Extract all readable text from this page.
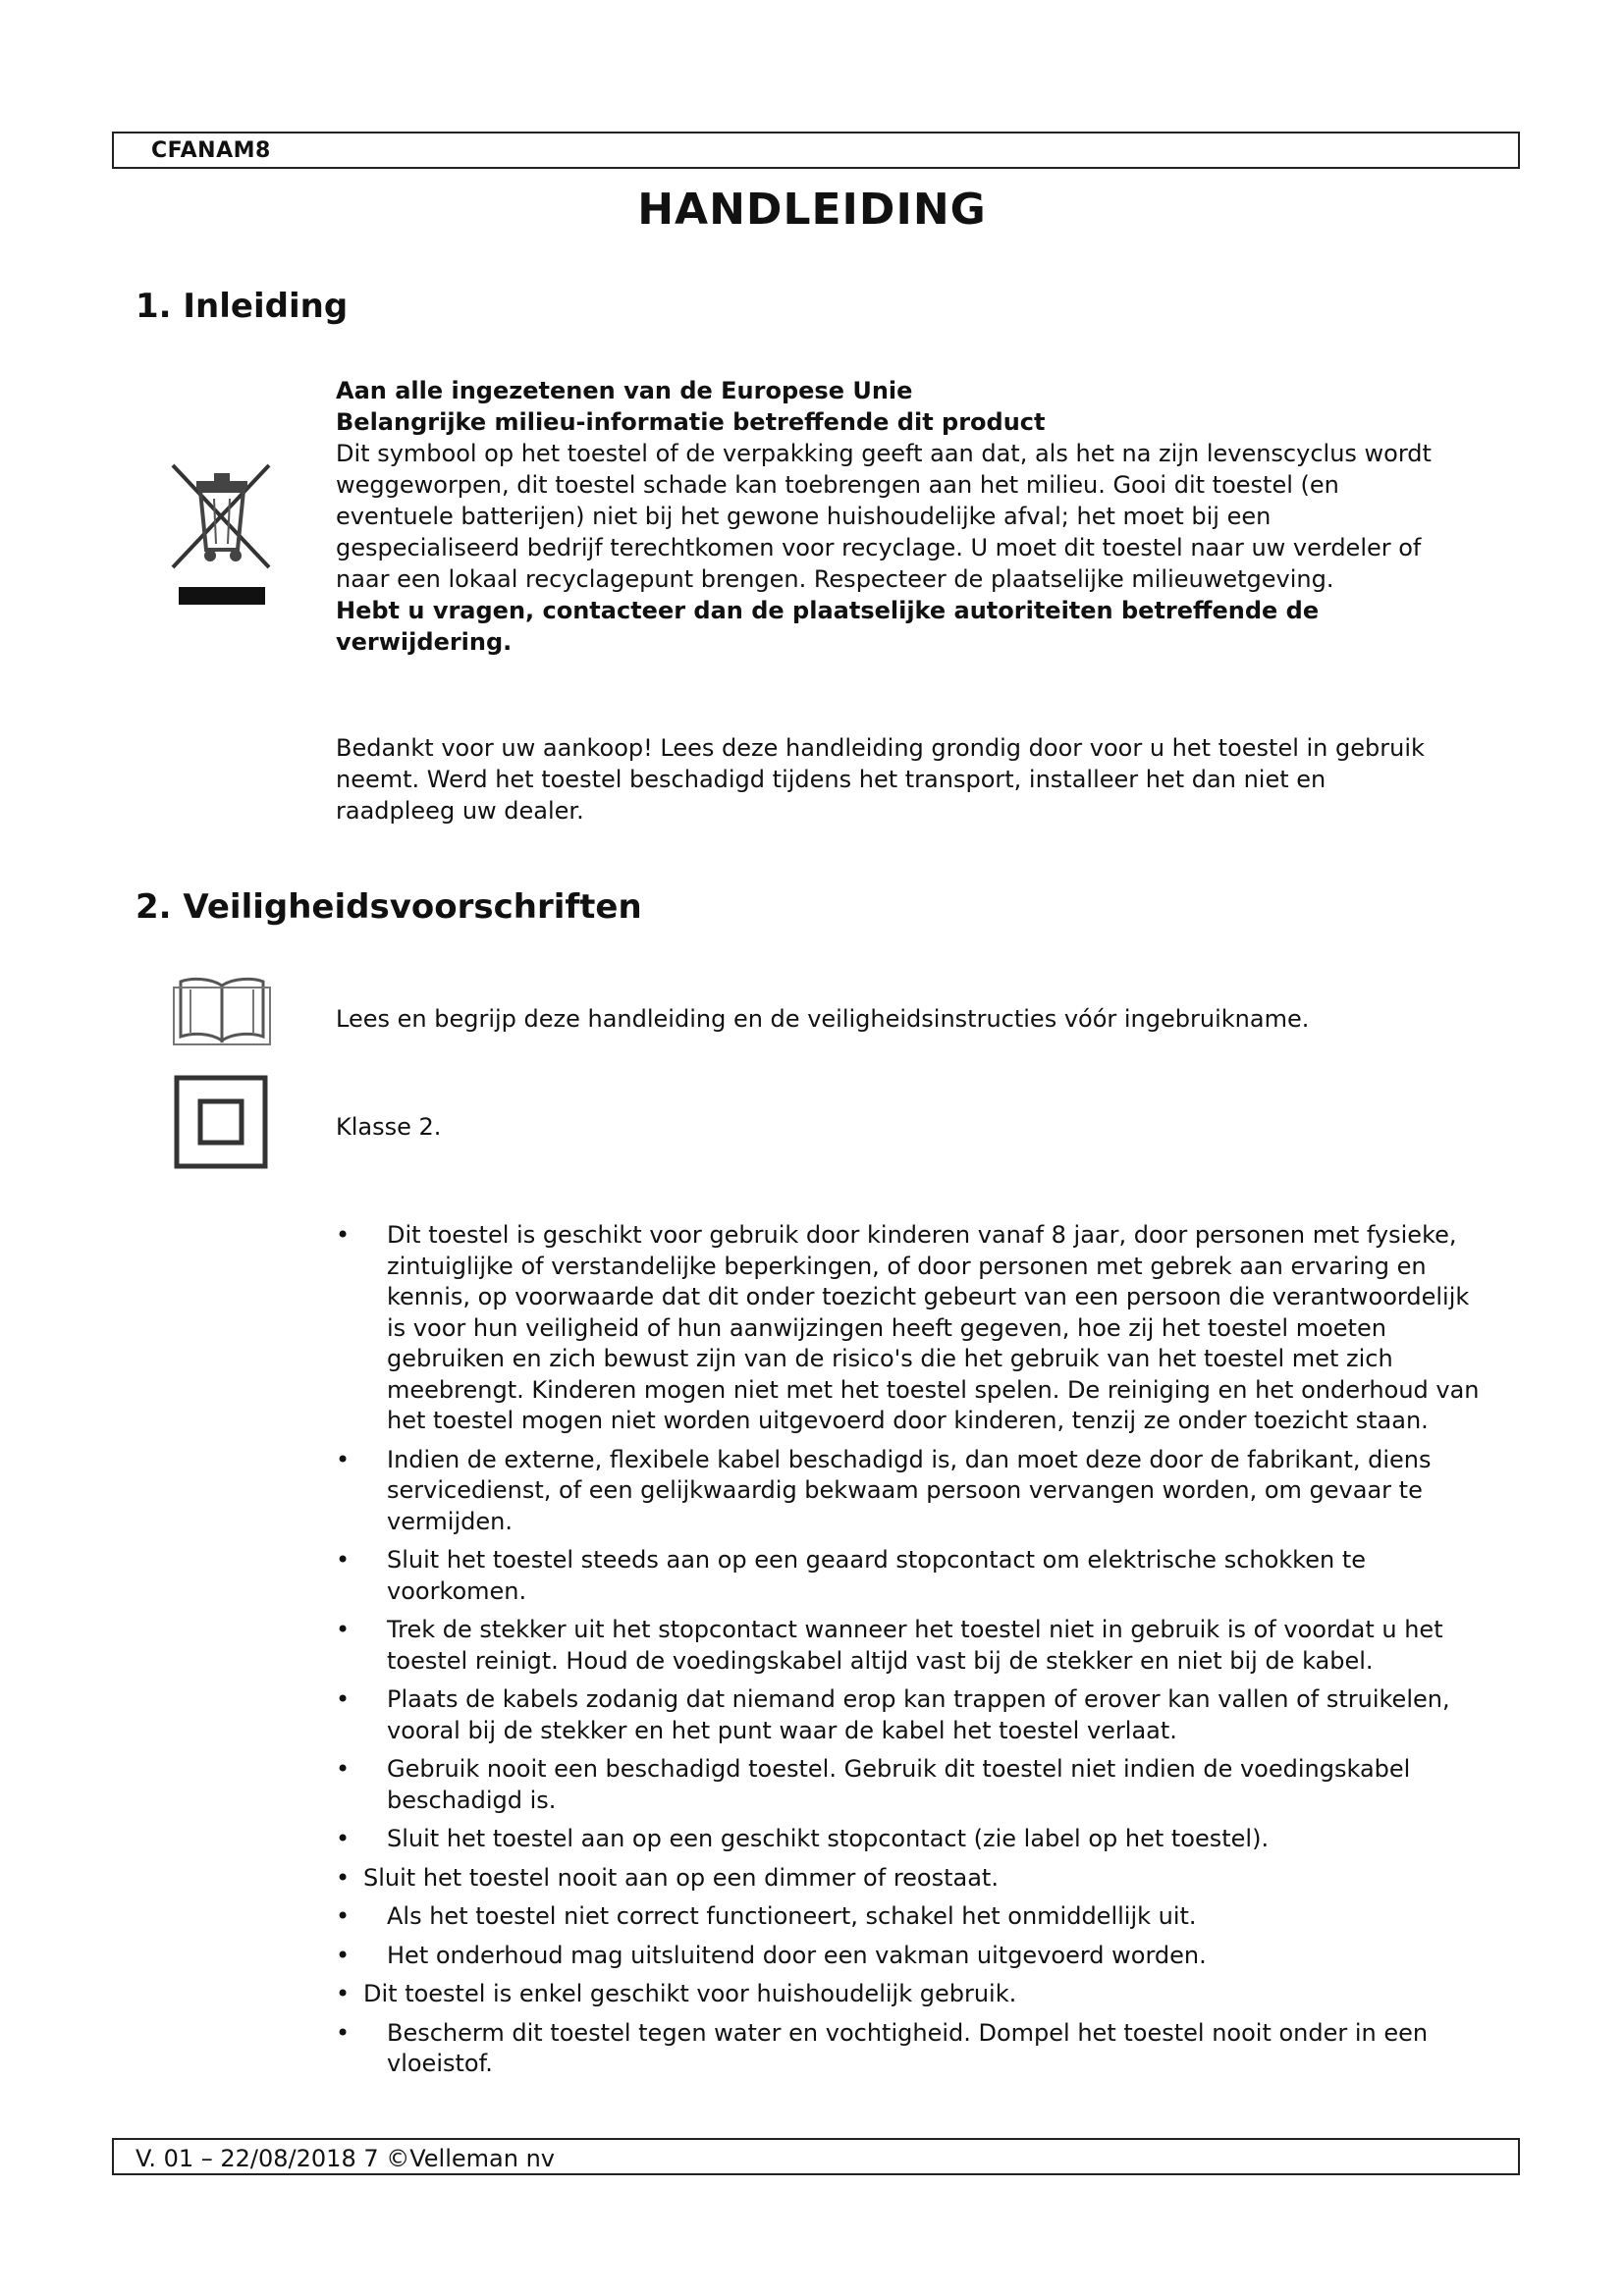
CFANAM8
HANDLEIDING
1. Inleiding

Aan alle ingezetenen van de Europese Unie

Belangrijke milieu-informatie betreffende dit product

Dit symbool op het toestel of de verpakking geeft aan dat, als het na zijn levenscyclus wordt weggeworpen, dit toestel schade kan toebrengen aan het milieu. Gooi dit toestel (en eventuele batterijen) niet bij het gewone huishoudelijke afval; het moet bij een gespecialiseerd bedrijf terechtkomen voor recyclage. U moet dit toestel naar uw verdeler of naar een lokaal recyclagepunt brengen. Respecteer de plaatselijke milieuwetgeving.

Hebt u vragen, contacteer dan de plaatselijke autoriteiten betreffende de verwijdering.

Bedankt voor uw aankoop! Lees deze handleiding grondig door voor u het toestel in gebruik neemt. Werd het toestel beschadigd tijdens het transport, installeer het dan niet en raadpleeg uw dealer.
2. Veiligheidsvoorschriften
Lees en begrijp deze handleiding en de veiligheidsinstructies vóór ingebruikname.
Klasse 2.
• Dit toestel is geschikt voor gebruik door kinderen vanaf 8 jaar, door personen met fysieke, zintuiglijke of verstandelijke beperkingen, of door personen met gebrek aan ervaring en kennis, op voorwaarde dat dit onder toezicht gebeurt van een persoon die verantwoordelijk is voor hun veiligheid of hun aanwijzingen heeft gegeven, hoe zij het toestel moeten gebruiken en zich bewust zijn van de risico's die het gebruik van het toestel met zich meebrengt. Kinderen mogen niet met het toestel spelen. De reiniging en het onderhoud van het toestel mogen niet worden uitgevoerd door kinderen, tenzij ze onder toezicht staan.
• Indien de externe, flexibele kabel beschadigd is, dan moet deze door de fabrikant, diens servicedienst, of een gelijkwaardig bekwaam persoon vervangen worden, om gevaar te vermijden.
• Sluit het toestel steeds aan op een geaard stopcontact om elektrische schokken te voorkomen.
• Trek de stekker uit het stopcontact wanneer het toestel niet in gebruik is of voordat u het toestel reinigt. Houd de voedingskabel altijd vast bij de stekker en niet bij de kabel.
• Plaats de kabels zodanig dat niemand erop kan trappen of erover kan vallen of struikelen, vooral bij de stekker en het punt waar de kabel het toestel verlaat.
• Gebruik nooit een beschadigd toestel. Gebruik dit toestel niet indien de voedingskabel beschadigd is.
• Sluit het toestel aan op een geschikt stopcontact (zie label op het toestel).
• Sluit het toestel nooit aan op een dimmer of reostaat.
• Als het toestel niet correct functioneert, schakel het onmiddellijk uit.
• Het onderhoud mag uitsluitend door een vakman uitgevoerd worden.
• Dit toestel is enkel geschikt voor huishoudelijk gebruik.
• Bescherm dit toestel tegen water en vochtigheid. Dompel het toestel nooit onder in een vloeistof.
V. 01 – 22/08/2018 7 ©Velleman nv
